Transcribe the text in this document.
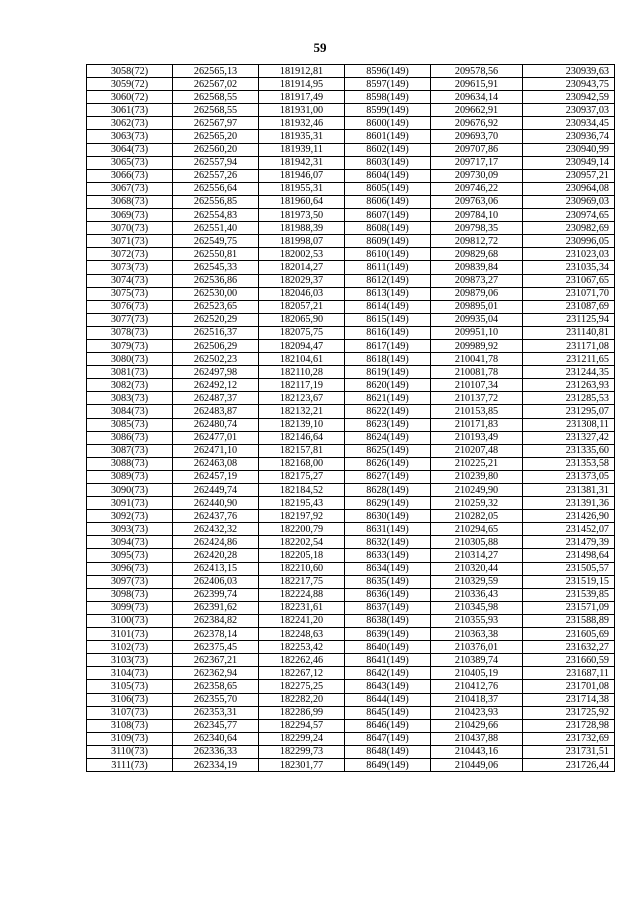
59
3058(72)	262565,13	181912,81	8596(149)	209578,56	230939,63
3059(72)	262567,02	181914,95	8597(149)	209615,91	230943,75
3060(72)	262568,55	181917,49	8598(149)	209634,14	230942,59
3061(73)	262568,55	181931,00	8599(149)	209662,91	230937,03
3062(73)	262567,97	181932,46	8600(149)	209676,92	230934,45
3063(73)	262565,20	181935,31	8601(149)	209693,70	230936,74
3064(73)	262560,20	181939,11	8602(149)	209707,86	230940,99
3065(73)	262557,94	181942,31	8603(149)	209717,17	230949,14
3066(73)	262557,26	181946,07	8604(149)	209730,09	230957,21
3067(73)	262556,64	181955,31	8605(149)	209746,22	230964,08
3068(73)	262556,85	181960,64	8606(149)	209763,06	230969,03
3069(73)	262554,83	181973,50	8607(149)	209784,10	230974,65
3070(73)	262551,40	181988,39	8608(149)	209798,35	230982,69
3071(73)	262549,75	181998,07	8609(149)	209812,72	230996,05
3072(73)	262550,81	182002,53	8610(149)	209829,68	231023,03
3073(73)	262545,33	182014,27	8611(149)	209839,84	231035,34
3074(73)	262536,86	182029,37	8612(149)	209873,27	231067,65
3075(73)	262530,00	182046,03	8613(149)	209879,06	231071,70
3076(73)	262523,65	182057,21	8614(149)	209895,01	231087,69
3077(73)	262520,29	182065,90	8615(149)	209935,04	231125,94
3078(73)	262516,37	182075,75	8616(149)	209951,10	231140,81
3079(73)	262506,29	182094,47	8617(149)	209989,92	231171,08
3080(73)	262502,23	182104,61	8618(149)	210041,78	231211,65
3081(73)	262497,98	182110,28	8619(149)	210081,78	231244,35
3082(73)	262492,12	182117,19	8620(149)	210107,34	231263,93
3083(73)	262487,37	182123,67	8621(149)	210137,72	231285,53
3084(73)	262483,87	182132,21	8622(149)	210153,85	231295,07
3085(73)	262480,74	182139,10	8623(149)	210171,83	231308,11
3086(73)	262477,01	182146,64	8624(149)	210193,49	231327,42
3087(73)	262471,10	182157,81	8625(149)	210207,48	231335,60
3088(73)	262463,08	182168,00	8626(149)	210225,21	231353,58
3089(73)	262457,19	182175,27	8627(149)	210239,80	231373,05
3090(73)	262449,74	182184,52	8628(149)	210249,90	231381,31
3091(73)	262440,90	182195,43	8629(149)	210259,32	231391,36
3092(73)	262437,76	182197,92	8630(149)	210282,05	231426,90
3093(73)	262432,32	182200,79	8631(149)	210294,65	231452,07
3094(73)	262424,86	182202,54	8632(149)	210305,88	231479,39
3095(73)	262420,28	182205,18	8633(149)	210314,27	231498,64
3096(73)	262413,15	182210,60	8634(149)	210320,44	231505,57
3097(73)	262406,03	182217,75	8635(149)	210329,59	231519,15
3098(73)	262399,74	182224,88	8636(149)	210336,43	231539,85
3099(73)	262391,62	182231,61	8637(149)	210345,98	231571,09
3100(73)	262384,82	182241,20	8638(149)	210355,93	231588,89
3101(73)	262378,14	182248,63	8639(149)	210363,38	231605,69
3102(73)	262375,45	182253,42	8640(149)	210376,01	231632,27
3103(73)	262367,21	182262,46	8641(149)	210389,74	231660,59
3104(73)	262362,94	182267,12	8642(149)	210405,19	231687,11
3105(73)	262358,65	182275,25	8643(149)	210412,76	231701,08
3106(73)	262355,70	182282,20	8644(149)	210418,37	231714,38
3107(73)	262353,31	182286,99	8645(149)	210423,93	231725,92
3108(73)	262345,77	182294,57	8646(149)	210429,66	231728,98
3109(73)	262340,64	182299,24	8647(149)	210437,88	231732,69
3110(73)	262336,33	182299,73	8648(149)	210443,16	231731,51
3111(73)	262334,19	182301,77	8649(149)	210449,06	231726,44
